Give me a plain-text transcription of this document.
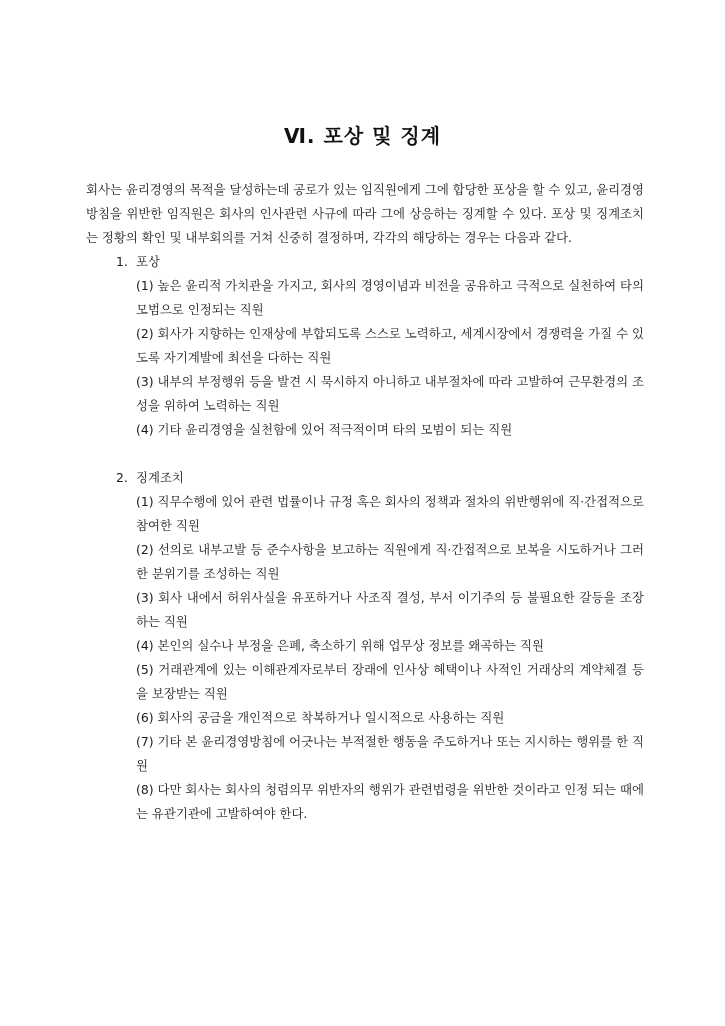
Ⅵ. 포상 및 징계

회사는 윤리경영의 목적을 달성하는데 공로가 있는 임직원에게 그에 합당한 포상을 할 수 있고, 윤리경영방침을 위반한 임직원은 회사의 인사관련 사규에 따라 그에 상응하는 징계할 수 있다. 포상 및 징계조치는 정황의 확인 및 내부회의를 거쳐 신중히 결정하며, 각각의 해당하는 경우는 다음과 같다.

1. 포상

(1) 높은 윤리적 가치관을 가지고, 회사의 경영이념과 비전을 공유하고 극적으로 실천하여 타의 모범으로 인정되는 직원

(2) 회사가 지향하는 인재상에 부합되도록 스스로 노력하고, 세계시장에서 경쟁력을 가질 수 있도록 자기계발에 최선을 다하는 직원

(3) 내부의 부정행위 등을 발견 시 묵시하지 아니하고 내부절차에 따라 고발하여 근무환경의 조성을 위하여 노력하는 직원

(4) 기타 윤리경영을 실천함에 있어 적극적이며 타의 모범이 되는 직원

2. 징계조치

(1) 직무수행에 있어 관련 법률이나 규정 혹은 회사의 정책과 절차의 위반행위에 직·간접적으로 참여한 직원

(2) 선의로 내부고발 등 준수사항을 보고하는 직원에게 직·간접적으로 보복을 시도하거나 그러한 분위기를 조성하는 직원

(3) 회사 내에서 허위사실을 유포하거나 사조직 결성, 부서 이기주의 등 불필요한 갈등을 조장하는 직원

(4) 본인의 실수나 부정을 은폐, 축소하기 위해 업무상 정보를 왜곡하는 직원

(5) 거래관계에 있는 이해관계자로부터 장래에 인사상 혜택이나 사적인 거래상의 계약체결 등을 보장받는 직원

(6) 회사의 공금을 개인적으로 착복하거나 일시적으로 사용하는 직원

(7) 기타 본 윤리경영방침에 어긋나는 부적절한 행동을 주도하거나 또는 지시하는 행위를 한 직원

(8) 다만 회사는 회사의 청렴의무 위반자의 행위가 관련법령을 위반한 것이라고 인정 되는 때에는 유관기관에 고발하여야 한다.
